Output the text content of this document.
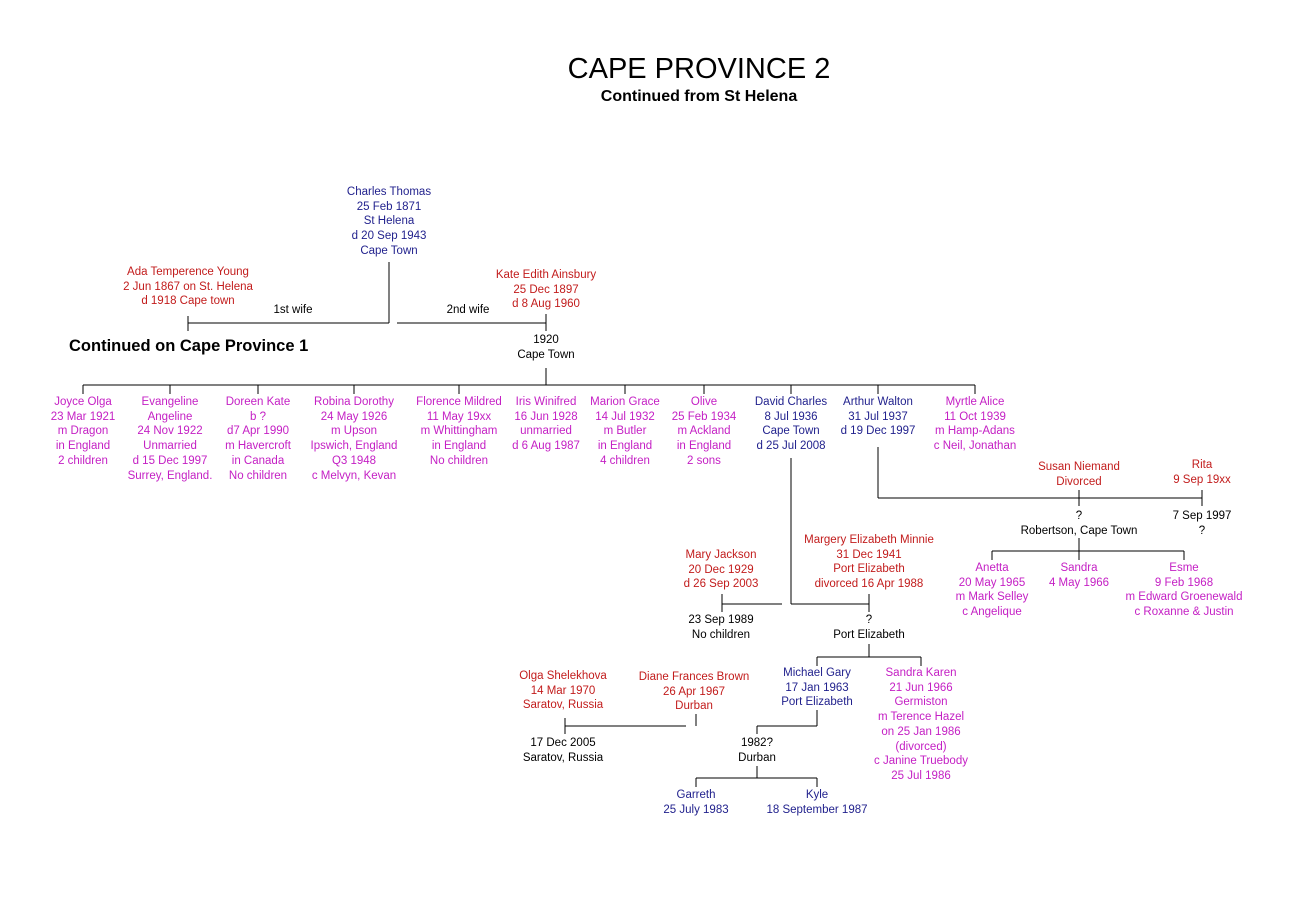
CAPE PROVINCE 2
Continued from St Helena
Continued on Cape Province 1
Charles Thomas
25 Feb 1871
St Helena
d 20 Sep 1943
Cape Town
Ada Temperence Young
2 Jun 1867 on St. Helena
d 1918 Cape town
Kate Edith Ainsbury
25 Dec 1897
d 8 Aug 1960
1st wife	2nd wife
1920
Cape Town
Joyce Olga
23 Mar 1921
m Dragon
in England
2 children
Evangeline
Angeline
24 Nov 1922
Unmarried
d 15 Dec 1997
Surrey, England.
Doreen Kate
b ?
d7 Apr 1990
m Havercroft
in Canada
No children
Robina Dorothy
24 May 1926
m Upson
Ipswich, England
Q3 1948
c Melvyn, Kevan
Florence Mildred
11 May 19xx
m Whittingham
in England
No children
Iris Winifred
16 Jun 1928
unmarried
d 6 Aug 1987
Marion Grace
14 Jul 1932
m Butler
in England
4 children
Olive
25 Feb 1934
m Ackland
in England
2 sons
David Charles
8 Jul 1936
Cape Town
d 25 Jul 2008
Arthur Walton
31 Jul 1937
d 19 Dec 1997
Myrtle Alice
11 Oct 1939
m Hamp-Adans
c Neil, Jonathan
Susan Niemand
Divorced
Rita
9 Sep 19xx
?
Robertson, Cape Town
7 Sep 1997
?
Anetta
20 May 1965
m Mark Selley
c Angelique
Sandra
4 May 1966
Esme
9 Feb 1968
m Edward Groenewald
c Roxanne & Justin
Mary Jackson
20 Dec 1929
d 26 Sep 2003
Margery Elizabeth Minnie
31 Dec 1941
Port Elizabeth
divorced 16 Apr 1988
23 Sep 1989
No children
?
Port Elizabeth
Michael Gary
17 Jan 1963
Port Elizabeth
Sandra Karen
21 Jun 1966
Germiston
m Terence Hazel
on 25 Jan 1986
(divorced)
c Janine Truebody
25 Jul 1986
Olga Shelekhova
14 Mar 1970
Saratov, Russia
Diane Frances Brown
26 Apr 1967
Durban
17 Dec 2005
Saratov, Russia
1982?
Durban
Garreth
25 July 1983
Kyle
18 September 1987
